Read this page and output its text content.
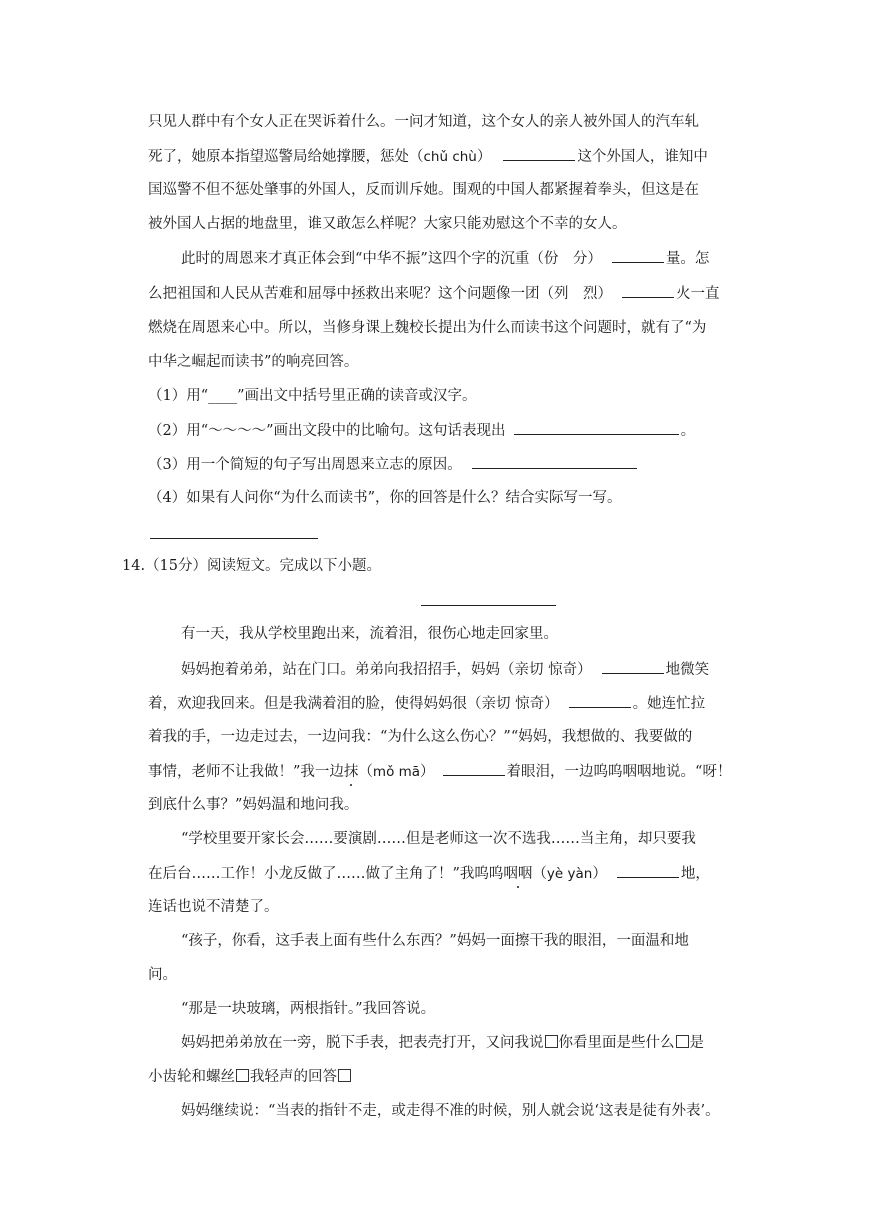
只见人群中有个女人正在哭诉着什么。一问才知道，这个女人的亲人被外国人的汽车轧
死了，她原本指望巡警局给她撑腰，惩处（chǔ chù）	这个外国人，谁知中
国巡警不但不惩处肇事的外国人，反而训斥她。围观的中国人都紧握着拳头，但这是在
被外国人占据的地盘里，谁又敢怎么样呢？大家只能劝慰这个不幸的女人。
此时的周恩来才真正体会到“中华不振”这四个字的沉重（份　分）	量。怎
么把祖国和人民从苦难和屈辱中拯救出来呢？这个问题像一团（列　烈）	火一直
燃烧在周恩来心中。所以，当修身课上魏校长提出为什么而读书这个问题时，就有了“为
中华之崛起而读书”的响亮回答。
（1）用“____”画出文中括号里正确的读音或汉字。
（2）用“～～～～”画出文段中的比喻句。这句话表现出	。
（3）用一个简短的句子写出周恩来立志的原因。
（4）如果有人问你“为什么而读书”，你的回答是什么？结合实际写一写。
14.（15分）阅读短文。完成以下小题。
有一天，我从学校里跑出来，流着泪，很伤心地走回家里。
妈妈抱着弟弟，站在门口。弟弟向我招招手，妈妈（亲切 惊奇）	地微笑
着，欢迎我回来。但是我满着泪的脸，使得妈妈很（亲切 惊奇）	。她连忙拉
着我的手，一边走过去，一边问我：“为什么这么伤心？”“妈妈，我想做的、我要做的
事情，老师不让我做！”我一边抹（mǒ mā）	着眼泪，一边呜呜咽咽地说。“呀！
到底什么事？”妈妈温和地问我。
“学校里要开家长会……要演剧……但是老师这一次不选我……当主角，却只要我
在后台……工作！小龙反做了……做了主角了！”我呜呜咽咽（yè yàn）	地，
连话也说不清楚了。
“孩子，你看，这手表上面有些什么东西？”妈妈一面擦干我的眼泪，一面温和地
问。
“那是一块玻璃，两根指针。”我回答说。
妈妈把弟弟放在一旁，脱下手表，把表壳打开，又问我说 你看里面是些什么 是
小齿轮和螺丝 我轻声的回答
妈妈继续说：“当表的指针不走，或走得不准的时候，别人就会说‘这表是徒有外表’。
